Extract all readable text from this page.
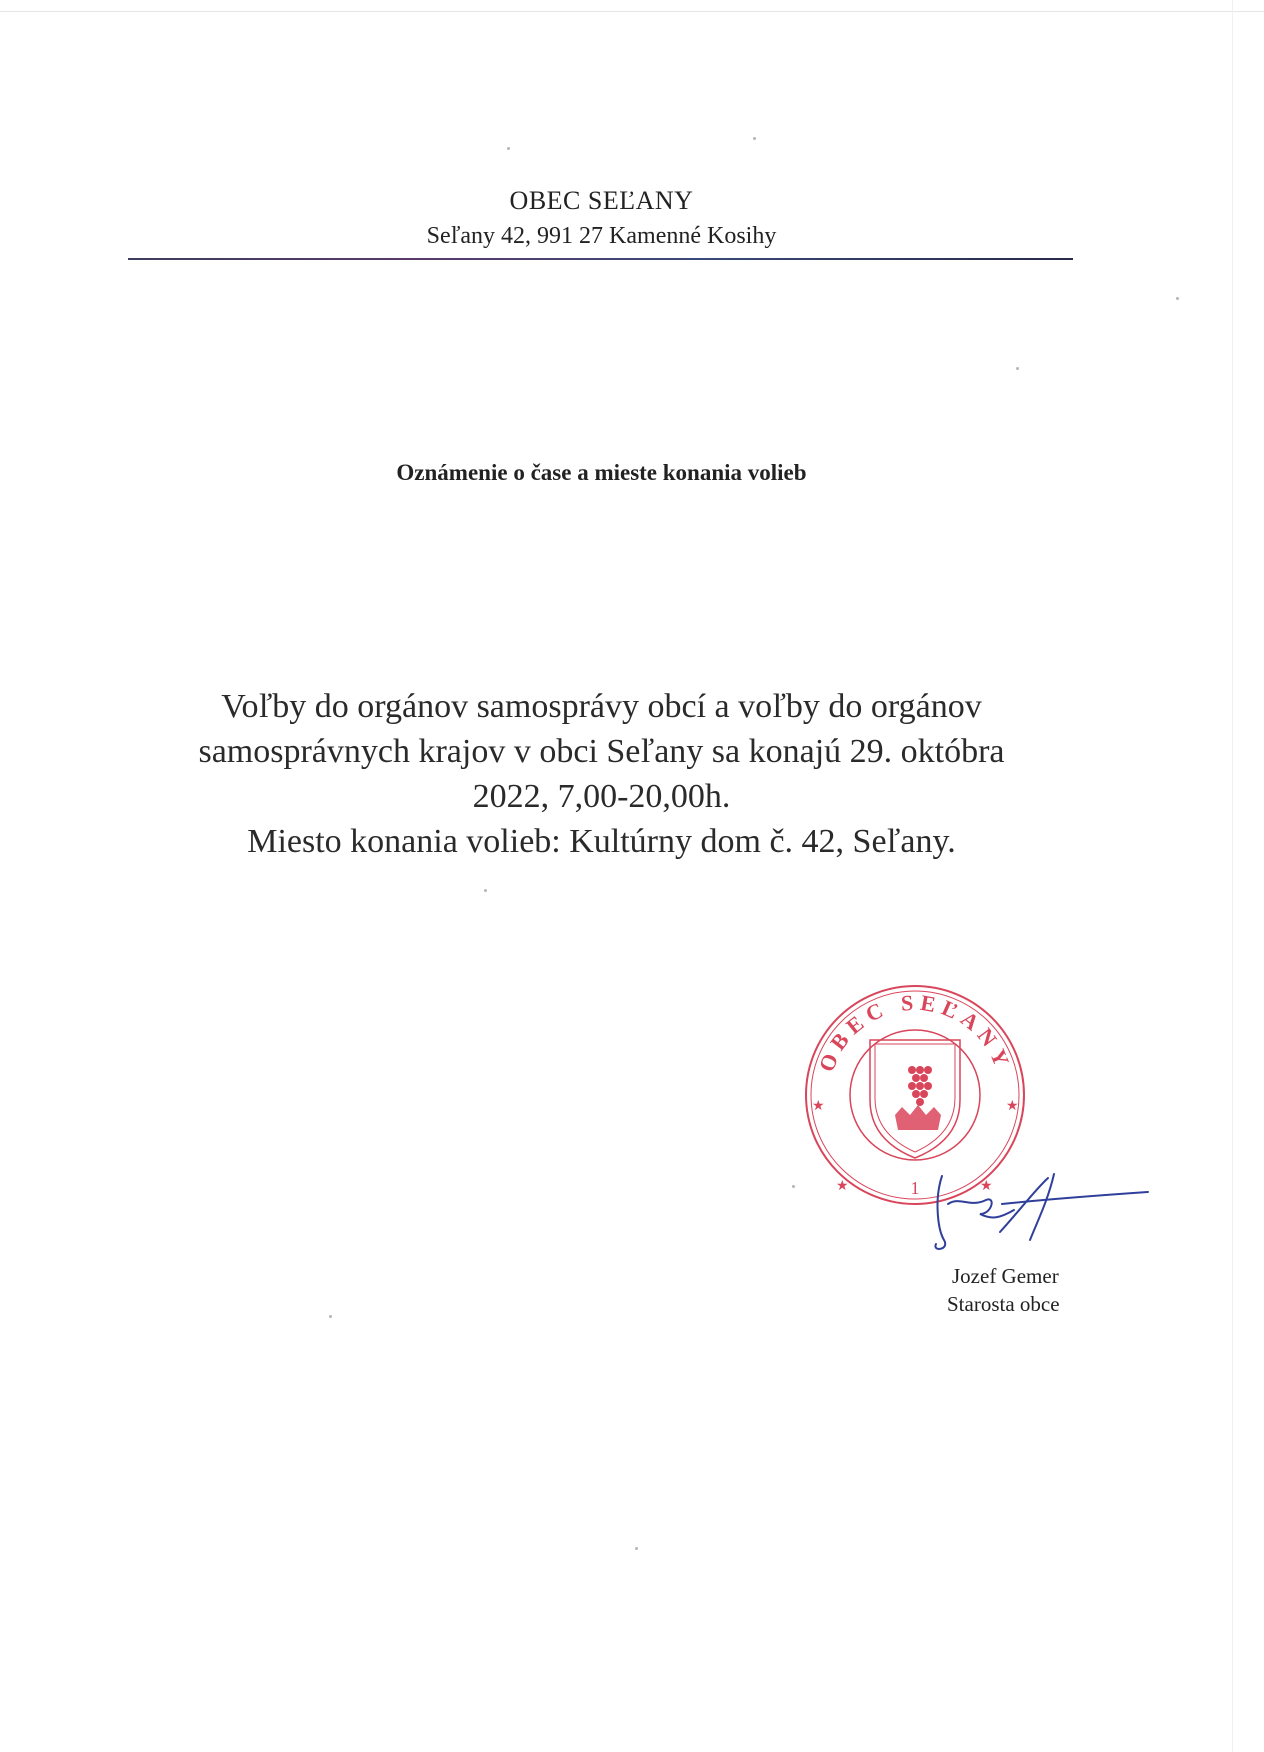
OBEC SEĽANY
Seľany 42, 991 27 Kamenné Kosihy
Oznámenie o čase a mieste konania volieb

Voľby do orgánov samosprávy obcí a voľby do orgánov

samosprávnych krajov v obci Seľany sa konajú 29. októbra

2022, 7,00-20,00h.

Miesto konania volieb: Kultúrny dom č. 42, Seľany.

★	★
★	★
1
OBEC SEĽANY
Jozef Gemer
Starosta obce
